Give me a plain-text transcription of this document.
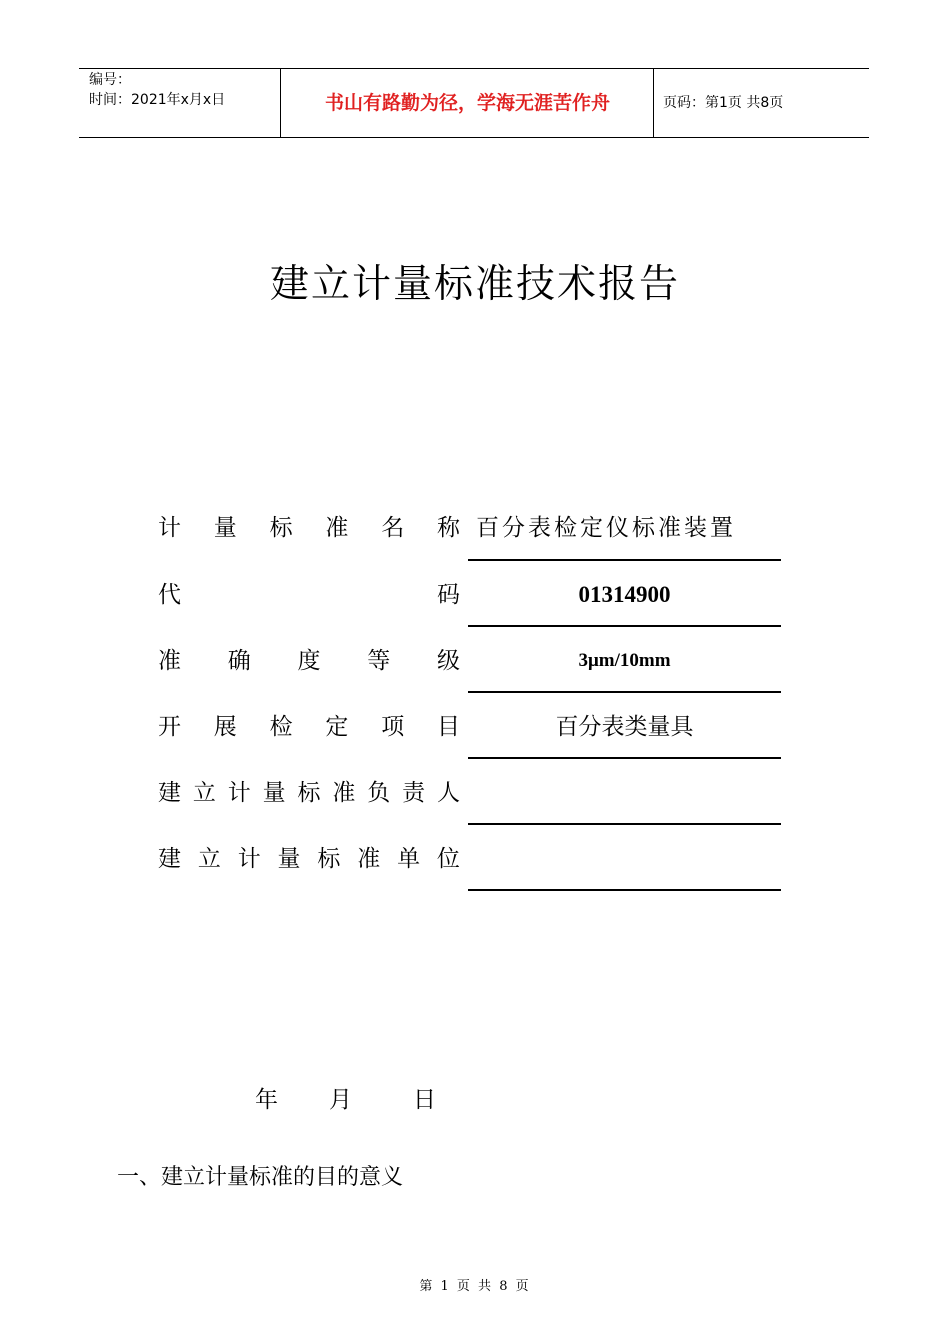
编号：
时间：2021年x月x日	书山有路勤为径，学海无涯苦作舟	页码：第1页 共8页
建立计量标准技术报告
计 量 标 准 名 称 百分表检定仪标准装置
代	码	01314900
准 确 度 等 级	3μm/10mm
开 展 检 定 项 目	百分表类量具
建 立 计 量 标 准 负 责 人
建 立 计 量 标 准 单 位
年 月	日
一、建立计量标准的目的意义
第 1 页 共 8 页
